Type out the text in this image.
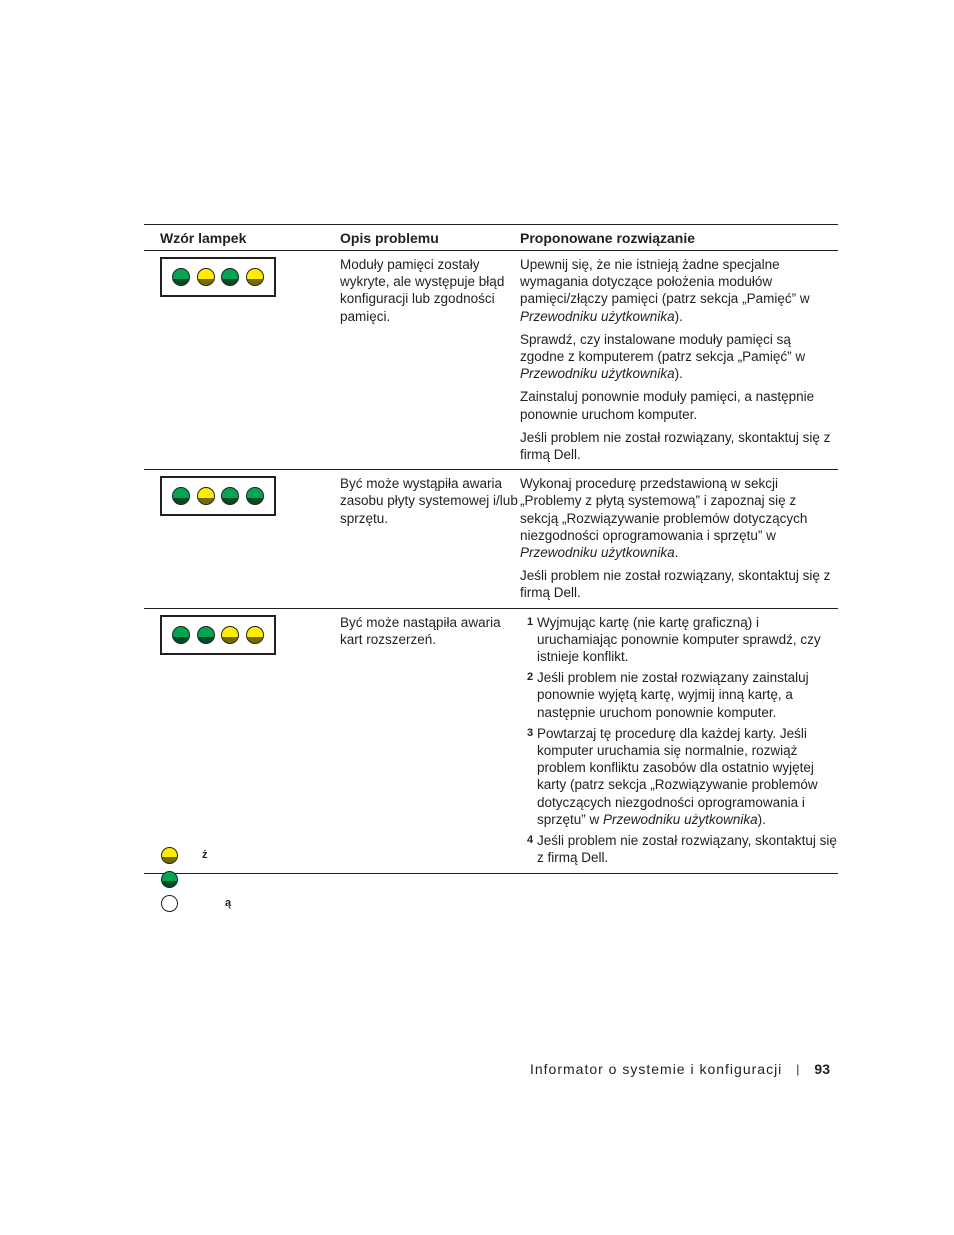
Wzór lampek	Opis problemu	Proponowane rozwiązanie
Moduły pamięci zostały wykryte, ale występuje błąd konfiguracji lub zgodności pamięci.

Upewnij się, że nie istnieją żadne specjalne wymagania dotyczące położenia modułów pamięci/złączy pamięci (patrz sekcja „Pamięć” w Przewodniku użytkownika).

Sprawdź, czy instalowane moduły pamięci są zgodne z komputerem (patrz sekcja „Pamięć” w Przewodniku użytkownika).

Zainstaluj ponownie moduły pamięci, a następnie ponownie uruchom komputer.

Jeśli problem nie został rozwiązany, skontaktuj się z firmą Dell.

Być może wystąpiła awaria zasobu płyty systemowej i/lub sprzętu.

Wykonaj procedurę przedstawioną w sekcji „Problemy z płytą systemową” i zapoznaj się z sekcją „Rozwiązywanie problemów dotyczących niezgodności oprogramowania i sprzętu” w Przewodniku użytkownika.

Jeśli problem nie został rozwiązany, skontaktuj się z firmą Dell.

Być może nastąpiła awaria kart rozszerzeń.
1 Wyjmując kartę (nie kartę graficzną) i uruchamiając ponownie komputer sprawdź, czy istnieje konflikt.
2 Jeśli problem nie został rozwiązany zainstaluj ponownie wyjętą kartę, wyjmij inną kartę, a następnie uruchom ponownie komputer.
3 Powtarzaj tę procedurę dla każdej karty. Jeśli komputer uruchamia się normalnie, rozwiąż problem konfliktu zasobów dla ostatnio wyjętej karty (patrz sekcja „Rozwiązywanie problemów dotyczących niezgodności oprogramowania i sprzętu” w Przewodniku użytkownika).
4 Jeśli problem nie został rozwiązany, skontaktuj się z firmą Dell.
ż
ą
Informator o systemie i konfiguracji | 93
